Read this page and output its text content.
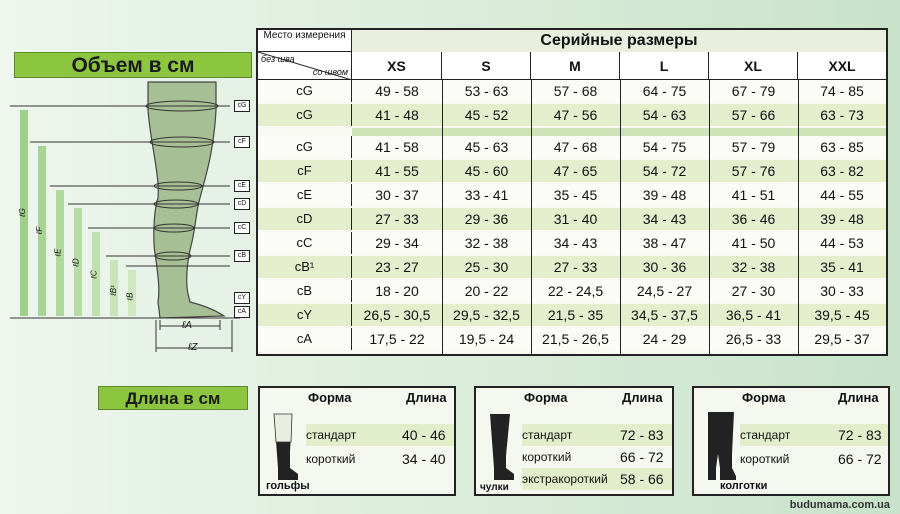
Объем в см
cG
cF
cE
cD
cC
cB
cY
cA
ℓG
ℓF
ℓE
ℓD
ℓC
ℓB¹
ℓB
ℓA
ℓZ
Место измерения	Серийные размеры
без шва
со швом	XS	S	M	L	XL	XXL
cG	49 - 58	53 - 63	57 - 68	64 - 75	67 - 79	74 - 85
cG	41 - 48	45 - 52	47 - 56	54 - 63	57 - 66	63 - 73
cG	41 - 58	45 - 63	47 - 68	54 - 75	57 - 79	63 - 85
cF	41 - 55	45 - 60	47 - 65	54 - 72	57 - 76	63 - 82
cE	30 - 37	33 - 41	35 - 45	39 - 48	41 - 51	44 - 55
cD	27 - 33	29 - 36	31 - 40	34 - 43	36 - 46	39 - 48
cC	29 - 34	32 - 38	34 - 43	38 - 47	41 - 50	44 - 53
cB¹	23 - 27	25 - 30	27 - 33	30 - 36	32 - 38	35 - 41
cB	18 - 20	20 - 22	22 - 24,5	24,5 - 27	27 - 30	30 - 33
cY	26,5 - 30,5	29,5 - 32,5	21,5 - 35	34,5 - 37,5	36,5 - 41	39,5 - 45
cA	17,5 - 22	19,5 - 24	21,5 - 26,5	24 - 29	26,5 - 33	29,5 - 37
Длина в см	Форма	Длина
стандарт	40 - 46
короткий	34 - 40
гольфы
Форма	Длина
стандарт	72 - 83
короткий	66 - 72
экстракороткий 58 - 66
чулки
Форма	Длина
стандарт	72 - 83
короткий	66 - 72
колготки
budumama.com.ua
